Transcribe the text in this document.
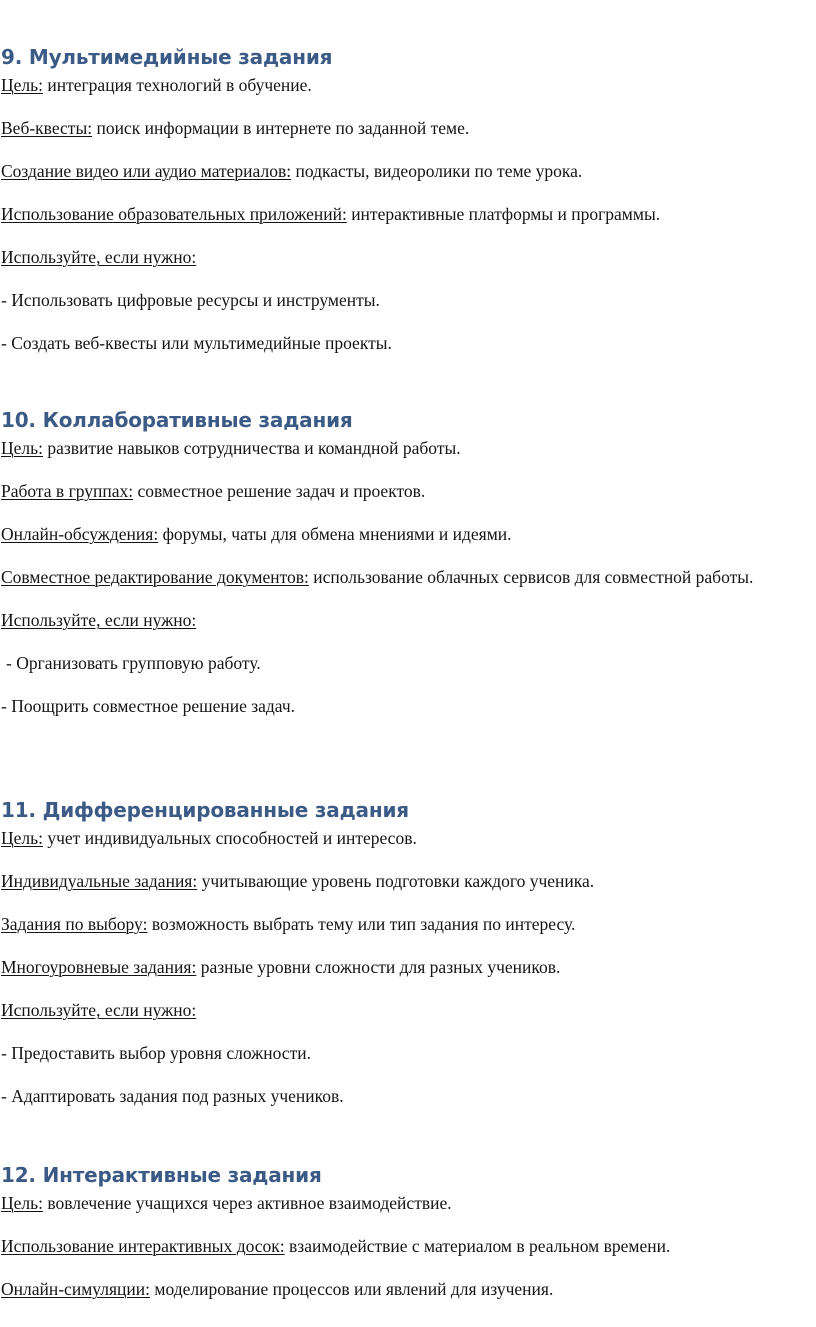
9. Мультимедийные задания

Цель: интеграция технологий в обучение.

Веб-квесты: поиск информации в интернете по заданной теме.

Создание видео или аудио материалов: подкасты, видеоролики по теме урока.

Использование образовательных приложений: интерактивные платформы и программы.

Используйте, если нужно:

- Использовать цифровые ресурсы и инструменты.

- Создать веб-квесты или мультимедийные проекты.

10. Коллаборативные задания

Цель: развитие навыков сотрудничества и командной работы.

Работа в группах: совместное решение задач и проектов.

Онлайн-обсуждения: форумы, чаты для обмена мнениями и идеями.

Совместное редактирование документов: использование облачных сервисов для совместной работы.

Используйте, если нужно:

- Организовать групповую работу.

- Поощрить совместное решение задач.

11. Дифференцированные задания

Цель: учет индивидуальных способностей и интересов.

Индивидуальные задания: учитывающие уровень подготовки каждого ученика.

Задания по выбору: возможность выбрать тему или тип задания по интересу.

Многоуровневые задания: разные уровни сложности для разных учеников.

Используйте, если нужно:

- Предоставить выбор уровня сложности.

- Адаптировать задания под разных учеников.

12. Интерактивные задания

Цель: вовлечение учащихся через активное взаимодействие.

Использование интерактивных досок: взаимодействие с материалом в реальном времени.

Онлайн-симуляции: моделирование процессов или явлений для изучения.
